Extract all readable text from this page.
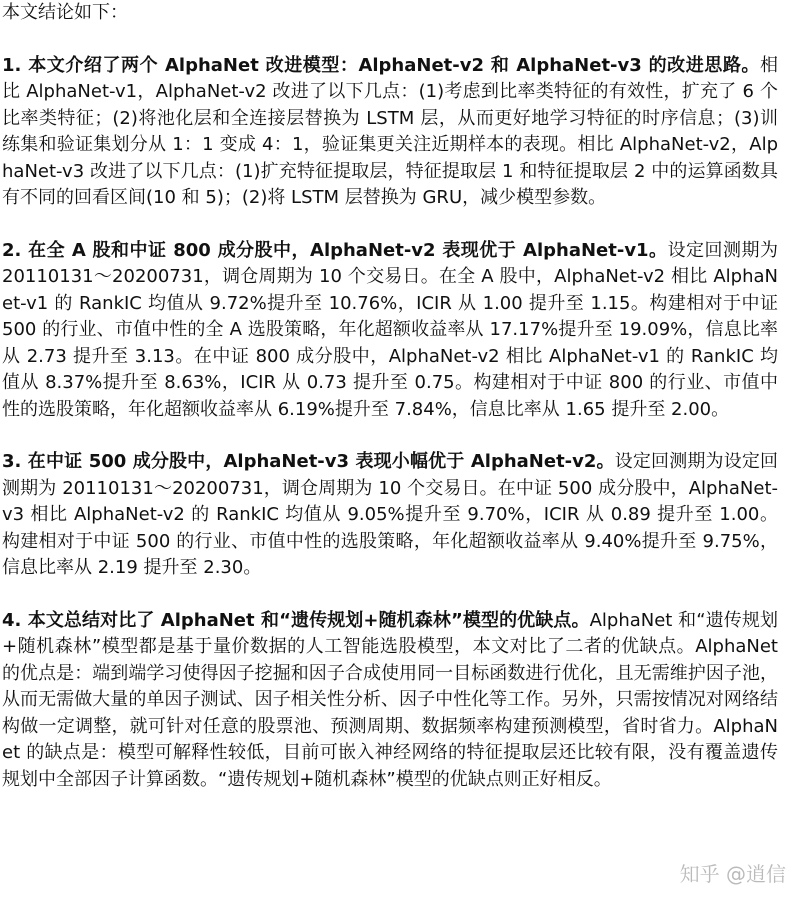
本文结论如下：

1. 本文介绍了两个 AlphaNet 改进模型：AlphaNet-v2 和 AlphaNet-v3 的改进思路。相比 AlphaNet-v1，AlphaNet-v2 改进了以下几点：(1)考虑到比率类特征的有效性，扩充了 6 个比率类特征；(2)将池化层和全连接层替换为 LSTM 层，从而更好地学习特征的时序信息；(3)训练集和验证集划分从 1：1 变成 4：1，验证集更关注近期样本的表现。相比 AlphaNet-v2，AlphaNet-v3 改进了以下几点：(1)扩充特征提取层，特征提取层 1 和特征提取层 2 中的运算函数具有不同的回看区间(10 和 5)；(2)将 LSTM 层替换为 GRU，减少模型参数。

2. 在全 A 股和中证 800 成分股中，AlphaNet-v2 表现优于 AlphaNet-v1。设定回测期为 20110131～20200731，调仓周期为 10 个交易日。在全 A 股中，AlphaNet-v2 相比 AlphaNet-v1 的 RankIC 均值从 9.72%提升至 10.76%，ICIR 从 1.00 提升至 1.15。构建相对于中证 500 的行业、市值中性的全 A 选股策略，年化超额收益率从 17.17%提升至 19.09%，信息比率从 2.73 提升至 3.13。在中证 800 成分股中，AlphaNet-v2 相比 AlphaNet-v1 的 RankIC 均值从 8.37%提升至 8.63%，ICIR 从 0.73 提升至 0.75。构建相对于中证 800 的行业、市值中性的选股策略，年化超额收益率从 6.19%提升至 7.84%，信息比率从 1.65 提升至 2.00。

3. 在中证 500 成分股中，AlphaNet-v3 表现小幅优于 AlphaNet-v2。设定回测期为设定回测期为 20110131～20200731，调仓周期为 10 个交易日。在中证 500 成分股中，AlphaNet-v3 相比 AlphaNet-v2 的 RankIC 均值从 9.05%提升至 9.70%，ICIR 从 0.89 提升至 1.00。构建相对于中证 500 的行业、市值中性的选股策略，年化超额收益率从 9.40%提升至 9.75%，信息比率从 2.19 提升至 2.30。

4. 本文总结对比了 AlphaNet 和“遗传规划+随机森林”模型的优缺点。AlphaNet 和“遗传规划+随机森林”模型都是基于量价数据的人工智能选股模型，本文对比了二者的优缺点。AlphaNet 的优点是：端到端学习使得因子挖掘和因子合成使用同一目标函数进行优化，且无需维护因子池，从而无需做大量的单因子测试、因子相关性分析、因子中性化等工作。另外，只需按情况对网络结构做一定调整，就可针对任意的股票池、预测周期、数据频率构建预测模型，省时省力。AlphaNet 的缺点是：模型可解释性较低，目前可嵌入神经网络的特征提取层还比较有限，没有覆盖遗传规划中全部因子计算函数。“遗传规划+随机森林”模型的优缺点则正好相反。

知乎 @逍信
